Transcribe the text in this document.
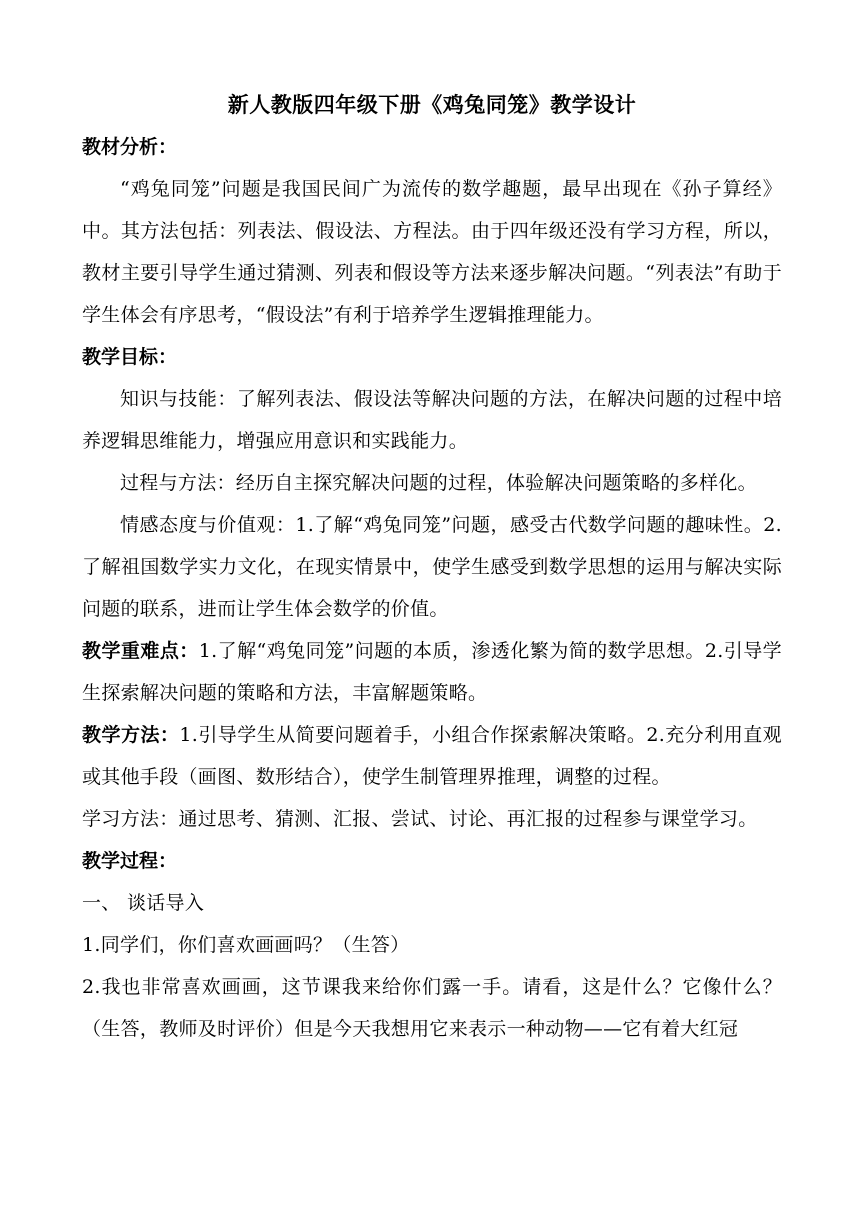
新人教版四年级下册《鸡兔同笼》教学设计

教材分析：

“鸡兔同笼”问题是我国民间广为流传的数学趣题，最早出现在《孙子算经》中。其方法包括：列表法、假设法、方程法。由于四年级还没有学习方程，所以，教材主要引导学生通过猜测、列表和假设等方法来逐步解决问题。“列表法”有助于学生体会有序思考，“假设法”有利于培养学生逻辑推理能力。

教学目标：

知识与技能：了解列表法、假设法等解决问题的方法，在解决问题的过程中培养逻辑思维能力，增强应用意识和实践能力。

过程与方法：经历自主探究解决问题的过程，体验解决问题策略的多样化。

情感态度与价值观：1.了解“鸡兔同笼”问题，感受古代数学问题的趣味性。2.了解祖国数学实力文化，在现实情景中，使学生感受到数学思想的运用与解决实际问题的联系，进而让学生体会数学的价值。

教学重难点：1.了解“鸡兔同笼”问题的本质，渗透化繁为简的数学思想。2.引导学生探索解决问题的策略和方法，丰富解题策略。

教学方法：1.引导学生从简要问题着手，小组合作探索解决策略。2.充分利用直观或其他手段（画图、数形结合），使学生制管理界推理，调整的过程。

学习方法：通过思考、猜测、汇报、尝试、讨论、再汇报的过程参与课堂学习。

教学过程：

一、 谈话导入

1.同学们，你们喜欢画画吗？（生答）

2.我也非常喜欢画画，这节课我来给你们露一手。请看，这是什么？它像什么？（生答，教师及时评价）但是今天我想用它来表示一种动物——它有着大红冠
